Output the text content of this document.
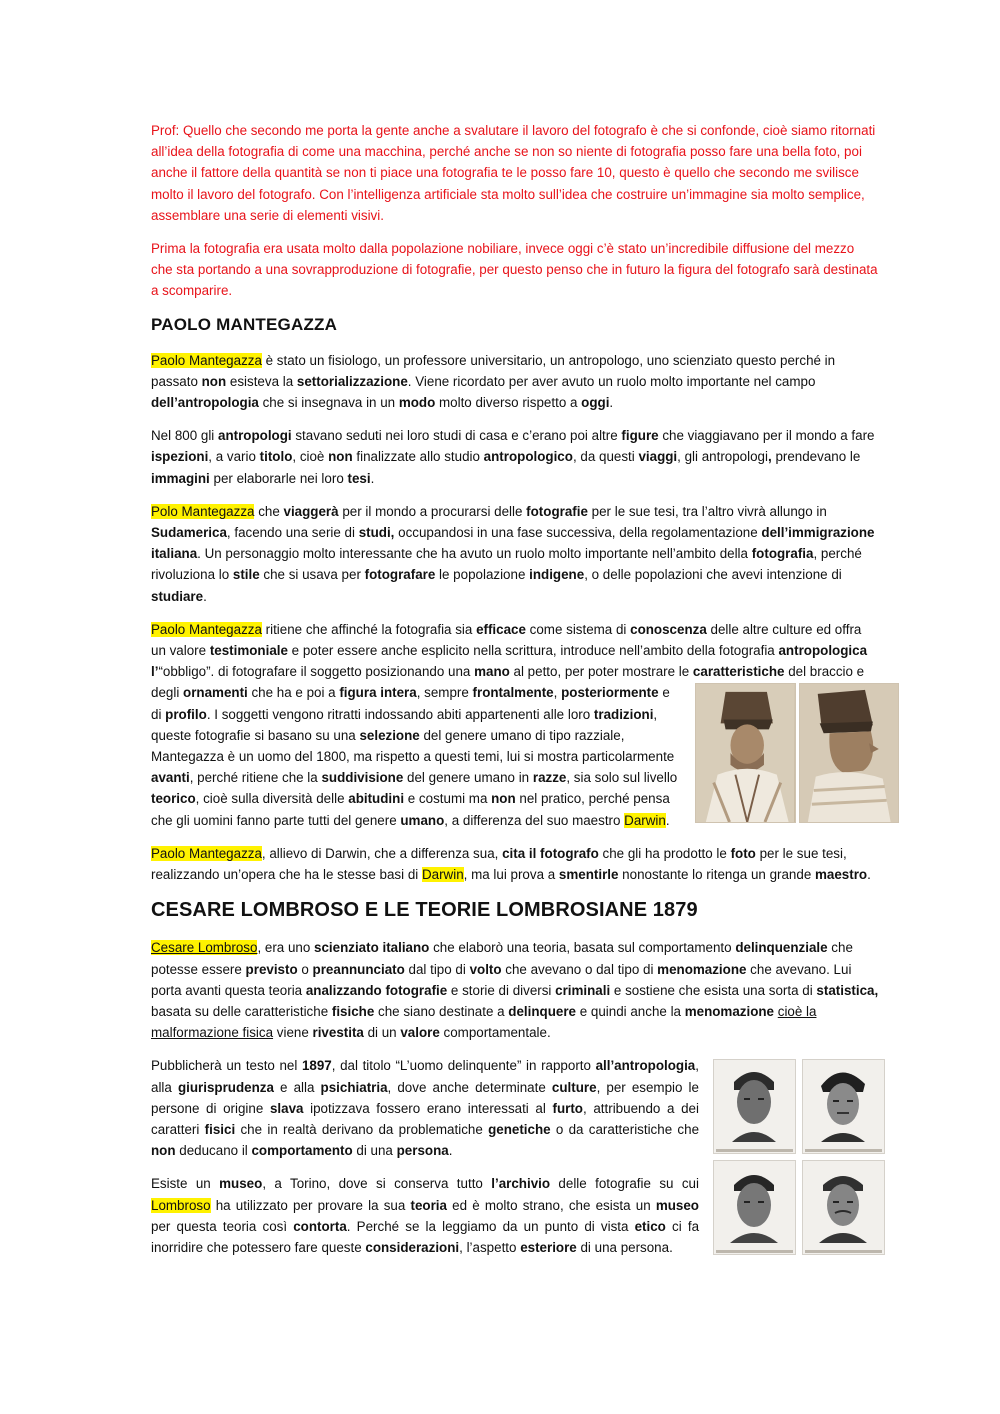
Prof: Quello che secondo me porta la gente anche a svalutare il lavoro del fotografo è che si confonde, cioè siamo ritornati all’idea della fotografia di come una macchina, perché anche se non so niente di fotografia posso fare una bella foto, poi anche il fattore della quantità se non ti piace una fotografia te le posso fare 10, questo è quello che secondo me svilisce molto il lavoro del fotografo. Con l’intelligenza artificiale sta molto sull’idea che costruire un’immagine sia molto semplice, assemblare una serie di elementi visivi.

Prima la fotografia era usata molto dalla popolazione nobiliare, invece oggi c’è stato un’incredibile diffusione del mezzo che sta portando a una sovrapproduzione di fotografie, per questo penso che in futuro la figura del fotografo sarà destinata a scomparire.

PAOLO MANTEGAZZA

Paolo Mantegazza è stato un fisiologo, un professore universitario, un antropologo, uno scienziato questo perché in passato non esisteva la settorializzazione. Viene ricordato per aver avuto un ruolo molto importante nel campo dell’antropologia che si insegnava in un modo molto diverso rispetto a oggi.

Nel 800 gli antropologi stavano seduti nei loro studi di casa e c’erano poi altre figure che viaggiavano per il mondo a fare ispezioni, a vario titolo, cioè non finalizzate allo studio antropologico, da questi viaggi, gli antropologi, prendevano le immagini per elaborarle nei loro tesi.

Polo Mantegazza che viaggerà per il mondo a procurarsi delle fotografie per le sue tesi, tra l’altro vivrà allungo in Sudamerica, facendo una serie di studi, occupandosi in una fase successiva, della regolamentazione dell’immigrazione italiana. Un personaggio molto interessante che ha avuto un ruolo molto importante nell’ambito della fotografia, perché rivoluziona lo stile che si usava per fotografare le popolazione indigene, o delle popolazioni che avevi intenzione di studiare.

Paolo Mantegazza ritiene che affinché la fotografia sia efficace come sistema di conoscenza delle altre culture ed offra un valore testimoniale e poter essere anche esplicito nella scrittura, introduce nell’ambito della fotografia antropologica l’“obbligo”. di fotografare il soggetto posizionando una mano al petto, per poter mostrare le caratteristiche del braccio e degli ornamenti che ha e poi a figura intera, sempre frontalmente, posteriormente
e di profilo. I soggetti vengono ritratti indossando abiti appartenenti alle loro tradizioni, queste fotografie si basano su una selezione del genere umano di tipo razziale, Mantegazza è un uomo del 1800, ma rispetto a questi temi, lui si mostra particolarmente avanti, perché ritiene che la suddivisione del genere umano in razze, sia solo sul livello teorico, cioè sulla diversità delle abitudini e costumi ma non nel pratico, perché pensa che gli uomini fanno parte tutti del genere umano, a differenza del suo maestro Darwin.

Paolo Mantegazza, allievo di Darwin, che a differenza sua, cita il fotografo che gli ha prodotto le foto per le sue tesi, realizzando un’opera che ha le stesse basi di Darwin, ma lui prova a smentirle nonostante lo ritenga un grande maestro.

CESARE LOMBROSO E LE TEORIE LOMBROSIANE 1879

Cesare Lombroso, era uno scienziato italiano che elaborò una teoria, basata sul comportamento delinquenziale che potesse essere previsto o preannunciato dal tipo di volto che avevano o dal tipo di menomazione che avevano. Lui porta avanti questa teoria analizzando fotografie e storie di diversi criminali e sostiene che esista una sorta di statistica, basata su delle caratteristiche fisiche che siano destinate a delinquere e quindi anche la menomazione cioè la malformazione fisica viene rivestita di un valore comportamentale.

Pubblicherà un testo nel 1897, dal titolo “L’uomo delinquente” in rapporto all’antropologia, alla giurisprudenza e alla psichiatria, dove anche determinate culture, per esempio le persone di origine slava ipotizzava fossero erano interessati al furto, attribuendo a dei caratteri fisici che in realtà derivano da problematiche genetiche o da caratteristiche che non deducano il comportamento di una persona.

Esiste un museo, a Torino, dove si conserva tutto l’archivio delle fotografie su cui Lombroso ha utilizzato per provare la sua teoria ed è molto strano, che esista un museo per questa teoria così contorta. Perché se la leggiamo da un punto di vista etico ci fa inorridire che potessero fare queste considerazioni, l’aspetto esteriore di una persona.
